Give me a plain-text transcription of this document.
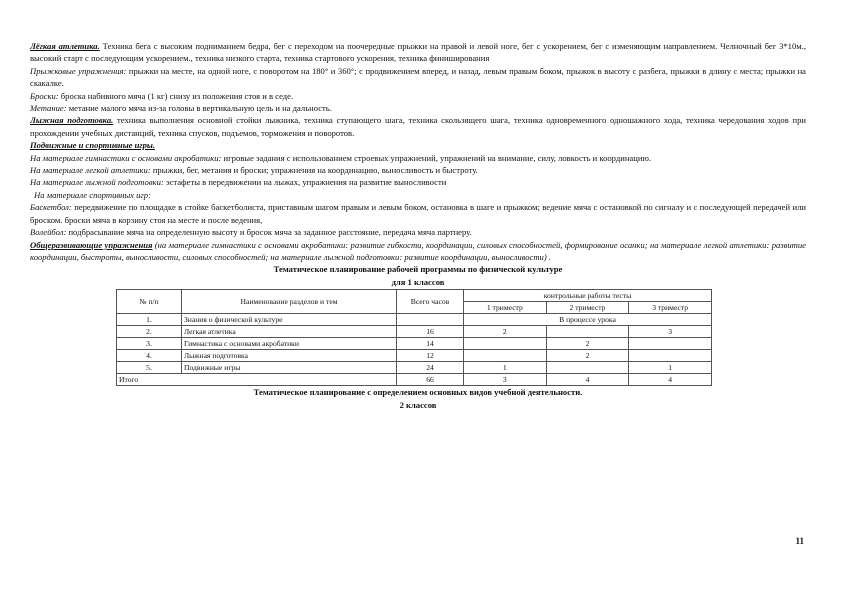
Лёгкая атлетика. Техника бега с высоким подниманием бедра, бег с переходом на поочередные прыжки на правой и левой ноге, бег с ускорением, бег с изменяющим направлением. Челночный бег 3*10м., высокий старт с последующим ускорением., техника низкого старта, техника стартового ускорения, техника финиширования

Прыжковые упражнения: прыжки на месте, на одной ноге, с поворотом на 180° и 360°; с продвижением вперед, и назад, левым правым боком, прыжок в высоту с разбега, прыжки в длину с места; прыжки на скакалке.

Броски: броска набивного мяча (1 кг) снизу из положения стоя и в седе.

Метание: метание малого мяча из-за головы в вертикальную цель и на дальность.

Лыжная подготовка. техника выполнения основной стойки лыжника, техника ступающего шага, техника скользящего шага, техника одновременного одношажного хода, техника чередования ходов при прохождении учебных дистанций, техника спусков, подъемов, торможения и поворотов.

Подвижные и спортивные игры.

На материале гимнастики с основами акробатики: игровые задания с использованием строевых упражнений, упражнений на внимание, силу, ловкость и координацию.

На материале легкой атлетики: прыжки, бег, метания и броски; упражнения на координацию, выносливость и быстроту.

На материале лыжной подготовки: эстафеты в передвижении на лыжах, упражнения на развитие выносливости

На материале спортивных игр:

Баскетбол: передвижение по площадке в стойке баскетболиста, приставным шагом правым и левым боком, остановка в шаге и прыжком; ведение мяча с остановкой по сигналу и с последующей передачей или броском. броски мяча в корзину стоя на месте и после ведения,

Волейбол: подбрасывание мяча на определенную высоту и бросок мяча за заданное расстояние, передача мяча партнеру.

Общеразвивающие упражнения (на материале гимнастики с основами акробатики: развитие гибкости, координации, силовых способностей, формирование осанки; на материале легкой атлетики: развитие координации, быстроты, выносливости, силовых способностей; на материале лыжной подготовки: развитие координации, выносливости) .

Тематическое планирование рабочей программы по физической культуре

для 1 классов

№ п/п	Наименование разделов и тем	Всего часов	контрольные работы тесты		
			1 триместр	2 триместр	3 триместр
1.	Знания о физической культуре		В процессе урока		
2.	Легкая атлетика	16	2		3
3.	Гимнастика с основами акробатики	14		2	
4.	Лыжная подготовка	12		2	
5.	Подвижные игры	24	1		1
Итого		66	3	4	4

Тематическое планирование с определением основных видов учебной деятельности.

2 классов

11
